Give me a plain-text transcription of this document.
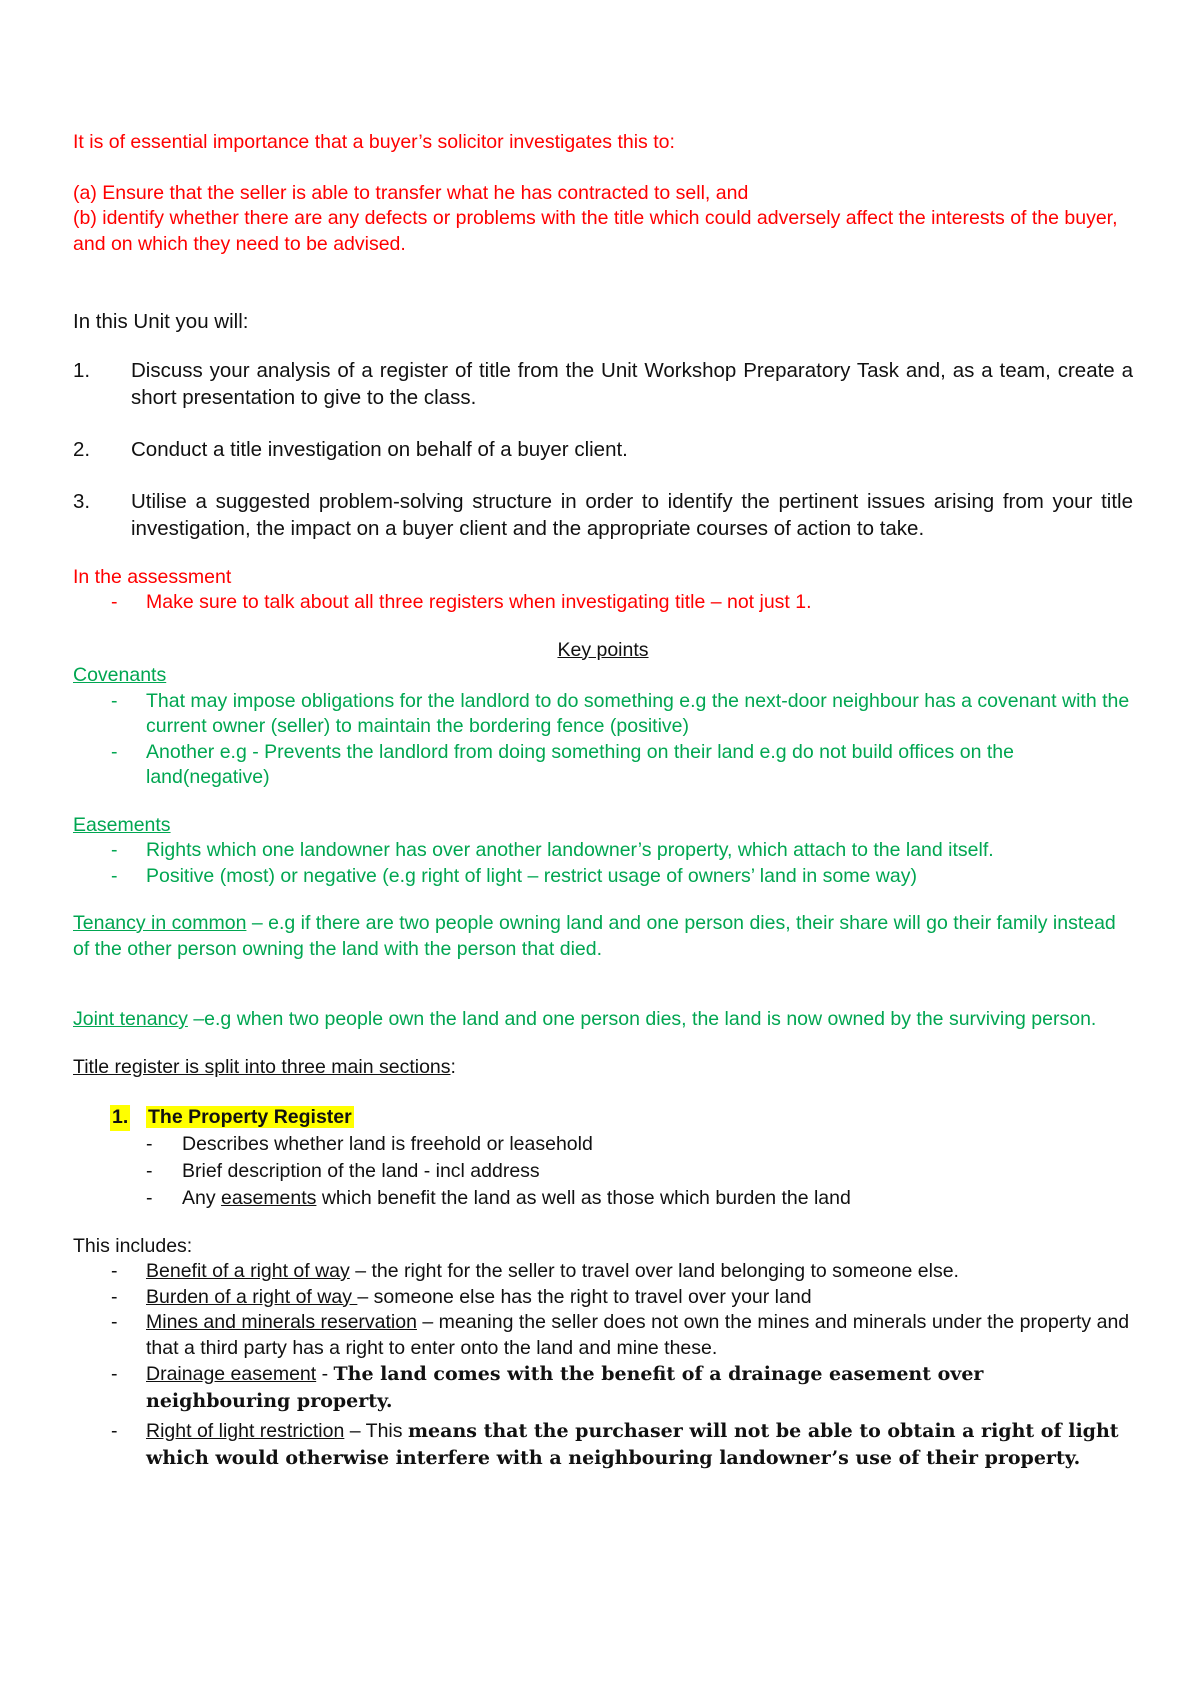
It is of essential importance that a buyer’s solicitor investigates this to:

(a) Ensure that the seller is able to transfer what he has contracted to sell, and

(b) identify whether there are any defects or problems with the title which could adversely affect the interests of the buyer, and on which they need to be advised.

In this Unit you will:

1. Discuss your analysis of a register of title from the Unit Workshop Preparatory Task and, as a team, create a short presentation to give to the class.
2. Conduct a title investigation on behalf of a buyer client.
3. Utilise a suggested problem-solving structure in order to identify the pertinent issues arising from your title investigation, the impact on a buyer client and the appropriate courses of action to take.

In the assessment

- Make sure to talk about all three registers when investigating title – not just 1.

Key points

Covenants

- That may impose obligations for the landlord to do something e.g the next-door neighbour has a covenant with the current owner (seller) to maintain the bordering fence (positive)
- Another e.g - Prevents the landlord from doing something on their land e.g do not build offices on the land(negative)

Easements

- Rights which one landowner has over another landowner’s property, which attach to the land itself.
- Positive (most) or negative (e.g right of light – restrict usage of owners’ land in some way)

Tenancy in common – e.g if there are two people owning land and one person dies, their share will go their family instead of the other person owning the land with the person that died.

Joint tenancy –e.g when two people own the land and one person dies, the land is now owned by the surviving person.

Title register is split into three main sections:

1. The Property Register
- Describes whether land is freehold or leasehold
- Brief description of the land - incl address
- Any easements which benefit the land as well as those which burden the land

This includes:

- Benefit of a right of way – the right for the seller to travel over land belonging to someone else.
- Burden of a right of way – someone else has the right to travel over your land
- Mines and minerals reservation – meaning the seller does not own the mines and minerals under the property and that a third party has a right to enter onto the land and mine these.
- Drainage easement - The land comes with the benefit of a drainage easement over neighbouring property.
- Right of light restriction – This means that the purchaser will not be able to obtain a right of light which would otherwise interfere with a neighbouring landowner’s use of their property.
